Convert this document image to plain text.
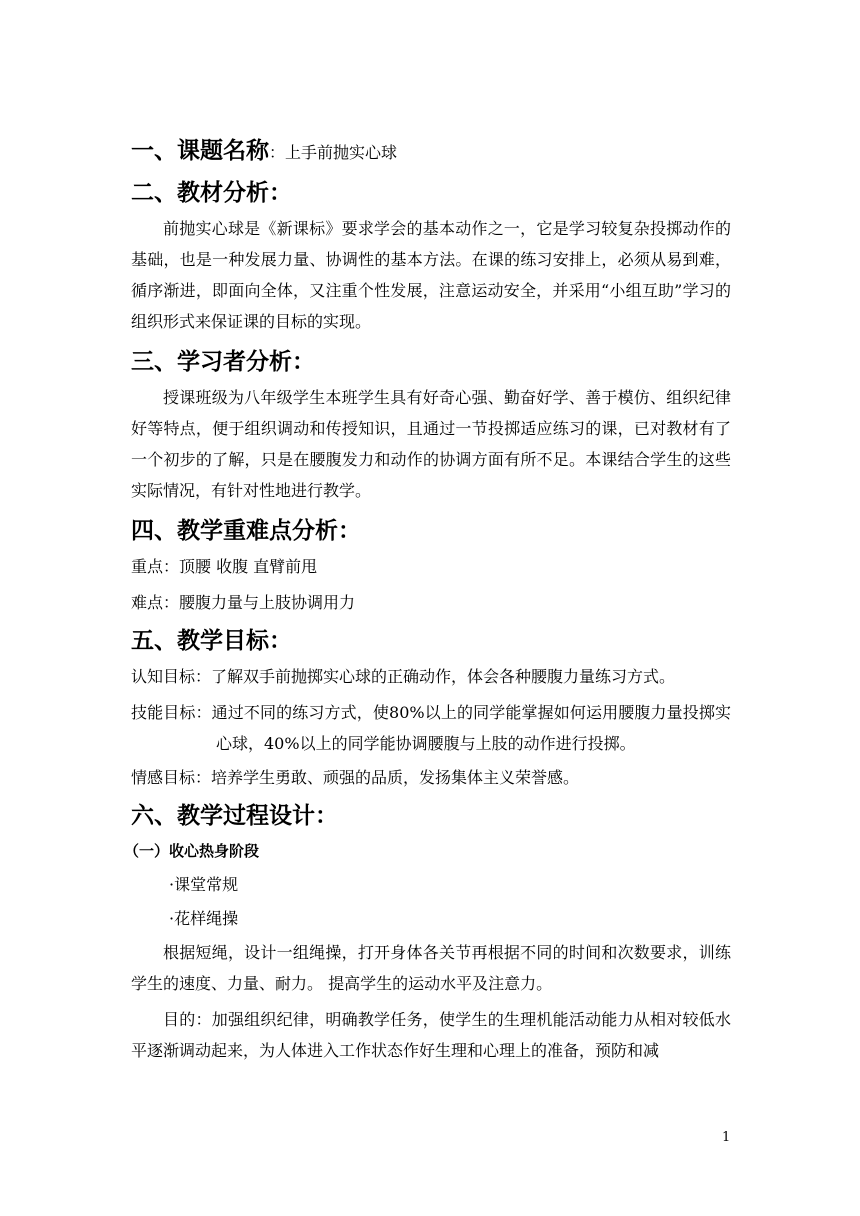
一、课题名称：上手前抛实心球

二、教材分析：

前抛实心球是《新课标》要求学会的基本动作之一，它是学习较复杂投掷动作的基础，也是一种发展力量、协调性的基本方法。在课的练习安排上，必须从易到难，循序渐进，即面向全体，又注重个性发展，注意运动安全，并采用“小组互助”学习的组织形式来保证课的目标的实现。

三、学习者分析：

授课班级为八年级学生本班学生具有好奇心强、勤奋好学、善于模仿、组织纪律好等特点，便于组织调动和传授知识，且通过一节投掷适应练习的课，已对教材有了一个初步的了解，只是在腰腹发力和动作的协调方面有所不足。本课结合学生的这些实际情况，有针对性地进行教学。

四、教学重难点分析：

重点：顶腰 收腹 直臂前甩

难点：腰腹力量与上肢协调用力

五、教学目标：

认知目标：了解双手前抛掷实心球的正确动作，体会各种腰腹力量练习方式。

技能目标：通过不同的练习方式，使80%以上的同学能掌握如何运用腰腹力量投掷实心球，40%以上的同学能协调腰腹与上肢的动作进行投掷。

情感目标：培养学生勇敢、顽强的品质，发扬集体主义荣誉感。

六、教学过程设计：

（一）收心热身阶段

·课堂常规

·花样绳操

根据短绳，设计一组绳操，打开身体各关节再根据不同的时间和次数要求，训练学生的速度、力量、耐力。 提高学生的运动水平及注意力。

目的：加强组织纪律，明确教学任务，使学生的生理机能活动能力从相对较低水平逐渐调动起来，为人体进入工作状态作好生理和心理上的准备，预防和减

1
